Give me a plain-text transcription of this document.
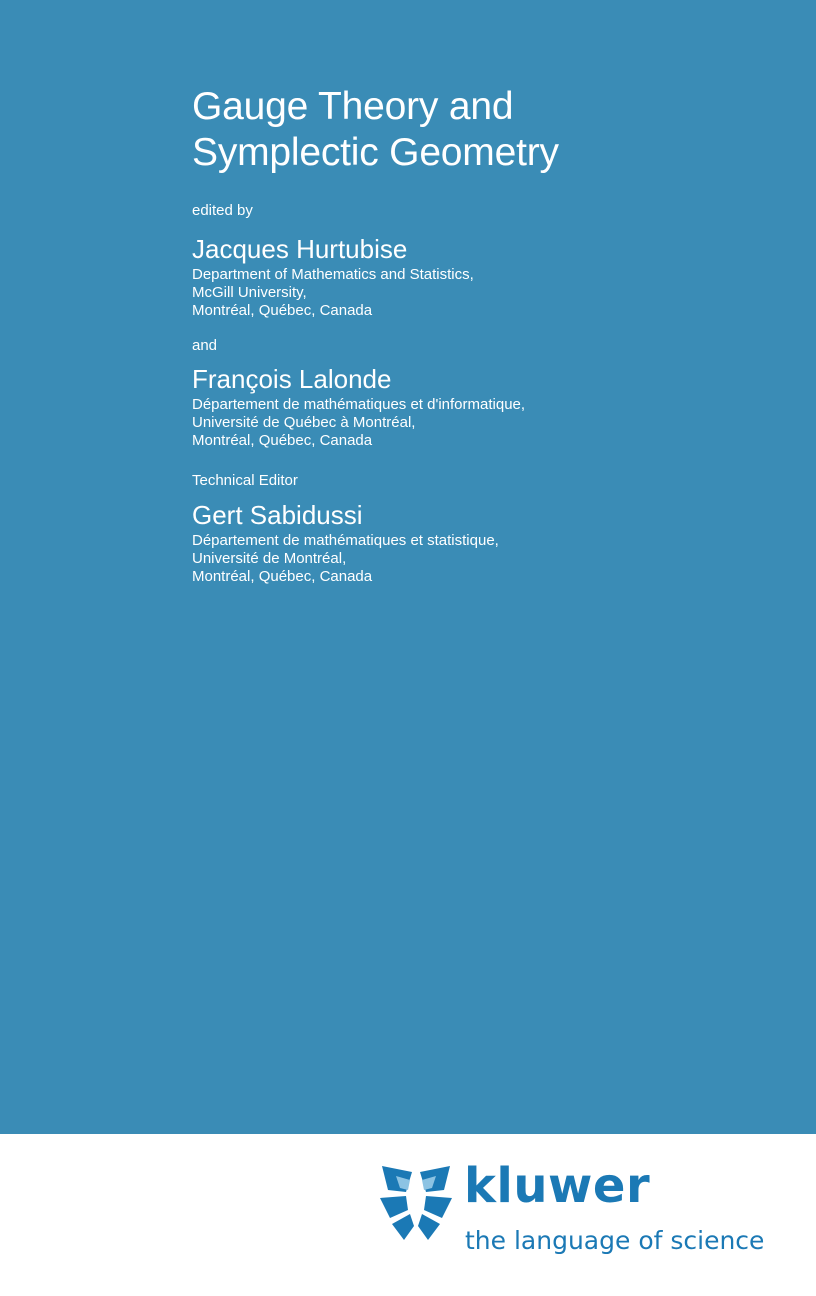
Gauge Theory and
Symplectic Geometry

edited by

Jacques Hurtubise

Department of Mathematics and Statistics,
McGill University,
Montréal, Québec, Canada

and

François Lalonde

Département de mathématiques et d'informatique,
Université de Québec à Montréal,
Montréal, Québec, Canada

Technical Editor

Gert Sabidussi

Département de mathématiques et statistique,
Université de Montréal,
Montréal, Québec, Canada
kluwer
the language of science
